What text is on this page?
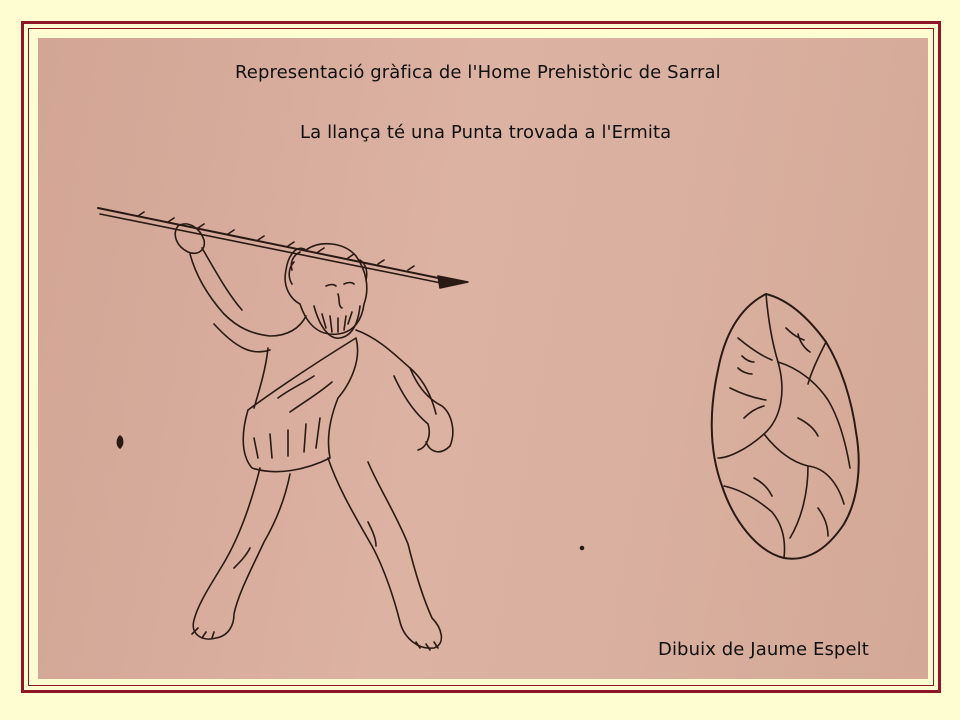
Representació gràfica de l'Home Prehistòric de Sarral
La llança té una Punta trovada a l'Ermita
Dibuix de Jaume Espelt
